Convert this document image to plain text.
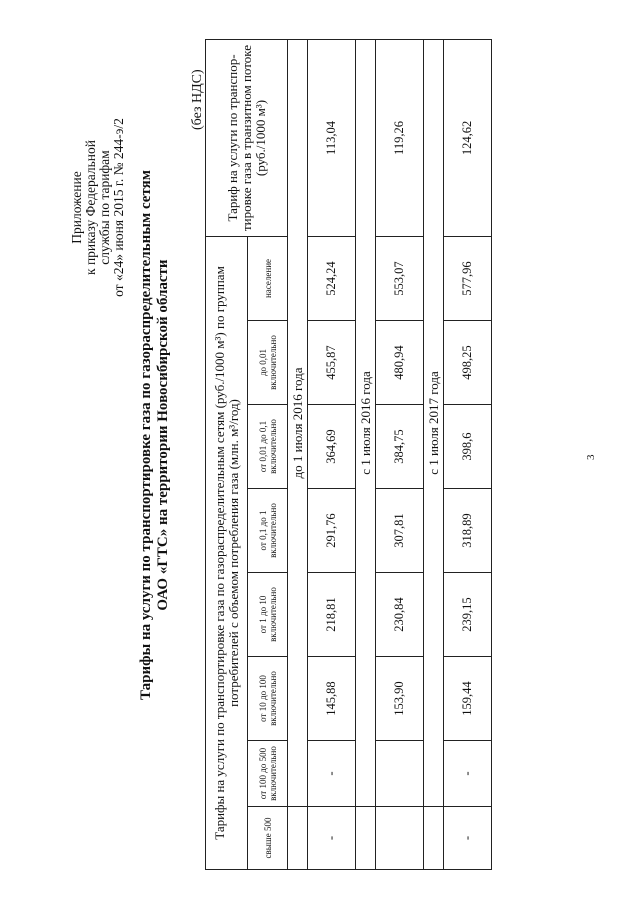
Приложение к приказу Федеральной службы по тарифам от «24» июня 2015 г. № 244-э/2 Тарифы на услуги по транспортировке газа по газораспределительным сетям ОАО «ГТС» на территории Новосибирской области
(без НДС)
Тарифы на услуги по транспортировке газа по газораспределительным сетям (руб./1000 м³) по группам потребителей с объемом потребления газа (млн. м³/год)								Тариф на услуги по транспор-тировке газа в транзитном потоке (руб./1000 м³)
свыше 500	от 100 до 500 включительно	от 10 до 100 включительно	от 1 до 10 включительно	от 0,1 до 1 включительно	от 0,01 до 0,1 включительно	до 0,01 включительно	население	
	до 1 июля 2016 года							
-	-	145,88	218,81	291,76	364,69	455,87	524,24	113,04
	с 1 июля 2016 года							
		153,90	230,84	307,81	384,75	480,94	553,07	119,26
	с 1 июля 2017 года							
-	-	159,44	239,15	318,89	398,6	498,25	577,96	124,62
3
